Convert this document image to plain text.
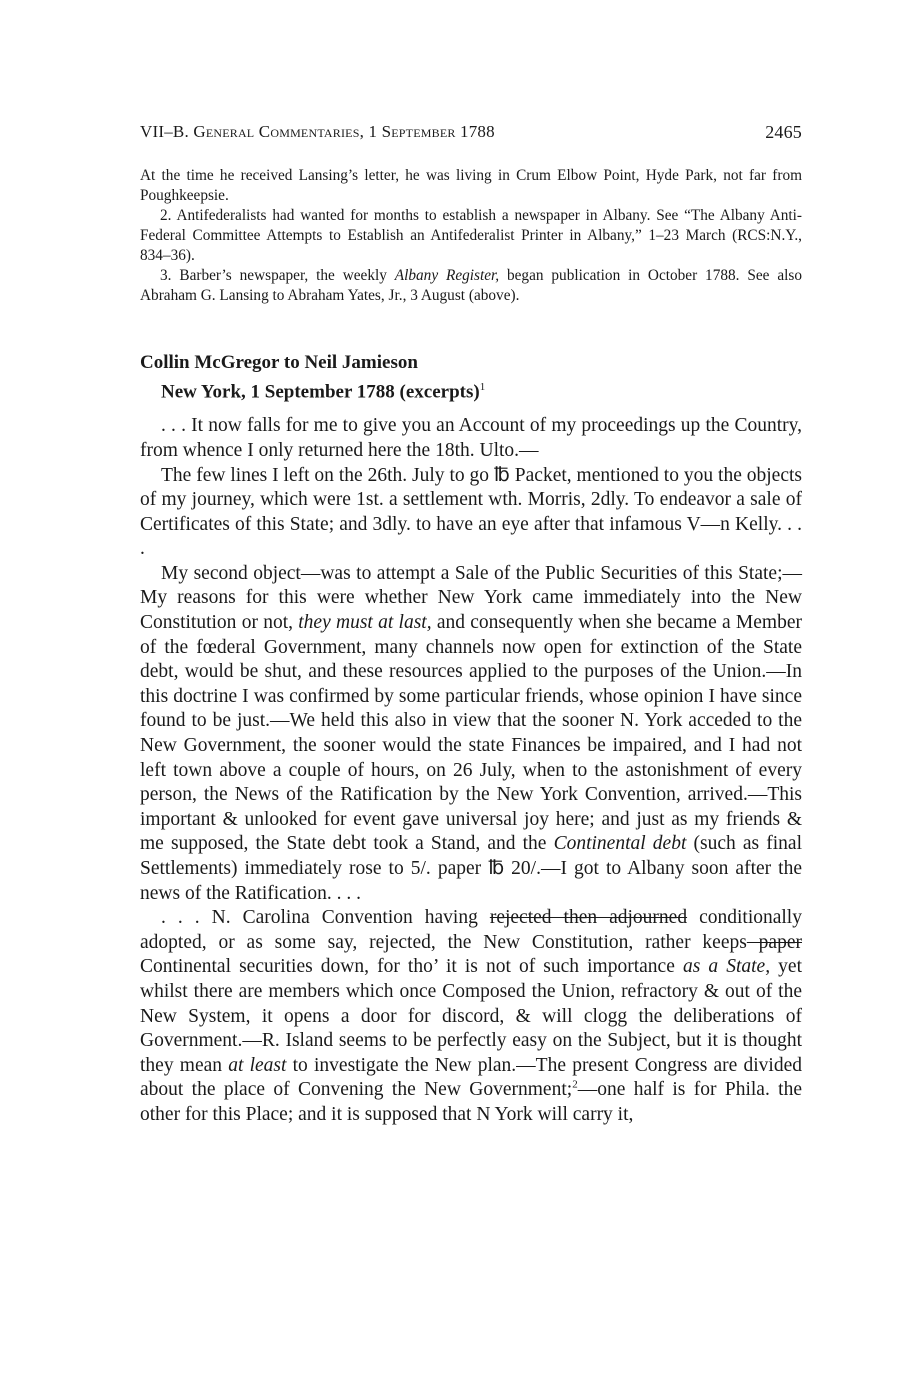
VII–B. General Commentaries, 1 September 1788	2465

At the time he received Lansing’s letter, he was living in Crum Elbow Point, Hyde Park, not far from Poughkeepsie.

2. Antifederalists had wanted for months to establish a newspaper in Albany. See “The Albany Anti-Federal Committee Attempts to Establish an Antifederalist Printer in Albany,” 1–23 March (RCS:N.Y., 834–36).

3. Barber’s newspaper, the weekly Albany Register, began publication in October 1788. See also Abraham G. Lansing to Abraham Yates, Jr., 3 August (above).

Collin McGregor to Neil Jamieson
New York, 1 September 1788 (excerpts)$^1$

. . . It now falls for me to give you an Account of my proceedings up the Country, from whence I only returned here the 18th. Ulto.—

The few lines I left on the 26th. July to go ℔ Packet, mentioned to you the objects of my journey, which were 1st. a settlement wth. Morris, 2dly. To endeavor a sale of Certificates of this State; and 3dly. to have an eye after that infamous V—n Kelly. . . .

My second object—was to attempt a Sale of the Public Securities of this State;—My reasons for this were whether New York came immediately into the New Constitution or not, they must at last, and consequently when she became a Member of the fœderal Government, many channels now open for extinction of the State debt, would be shut, and these resources applied to the purposes of the Union.—In this doctrine I was confirmed by some particular friends, whose opinion I have since found to be just.—We held this also in view that the sooner N. York acceded to the New Government, the sooner would the state Finances be impaired, and I had not left town above a couple of hours, on 26 July, when to the astonishment of every person, the News of the Ratification by the New York Convention, arrived.—This important & unlooked for event gave universal joy here; and just as my friends & me supposed, the State debt took a Stand, and the Continental debt (such as final Settlements) immediately rose to 5/. paper ℔ 20/.—I got to Albany soon after the news of the Ratification. . . .

. . . N. Carolina Convention having rejected then adjourned conditionally adopted, or as some say, rejected, the New Constitution, rather keeps paper Continental securities down, for tho’ it is not of such importance as a State, yet whilst there are members which once Composed the Union, refractory & out of the New System, it opens a door for discord, & will clogg the deliberations of Government.—R. Island seems to be perfectly easy on the Subject, but it is thought they mean at least to investigate the New plan.—The present Congress are divided about the place of Convening the New Government;$^2$—one half is for Phila. the other for this Place; and it is supposed that N York will carry it,
